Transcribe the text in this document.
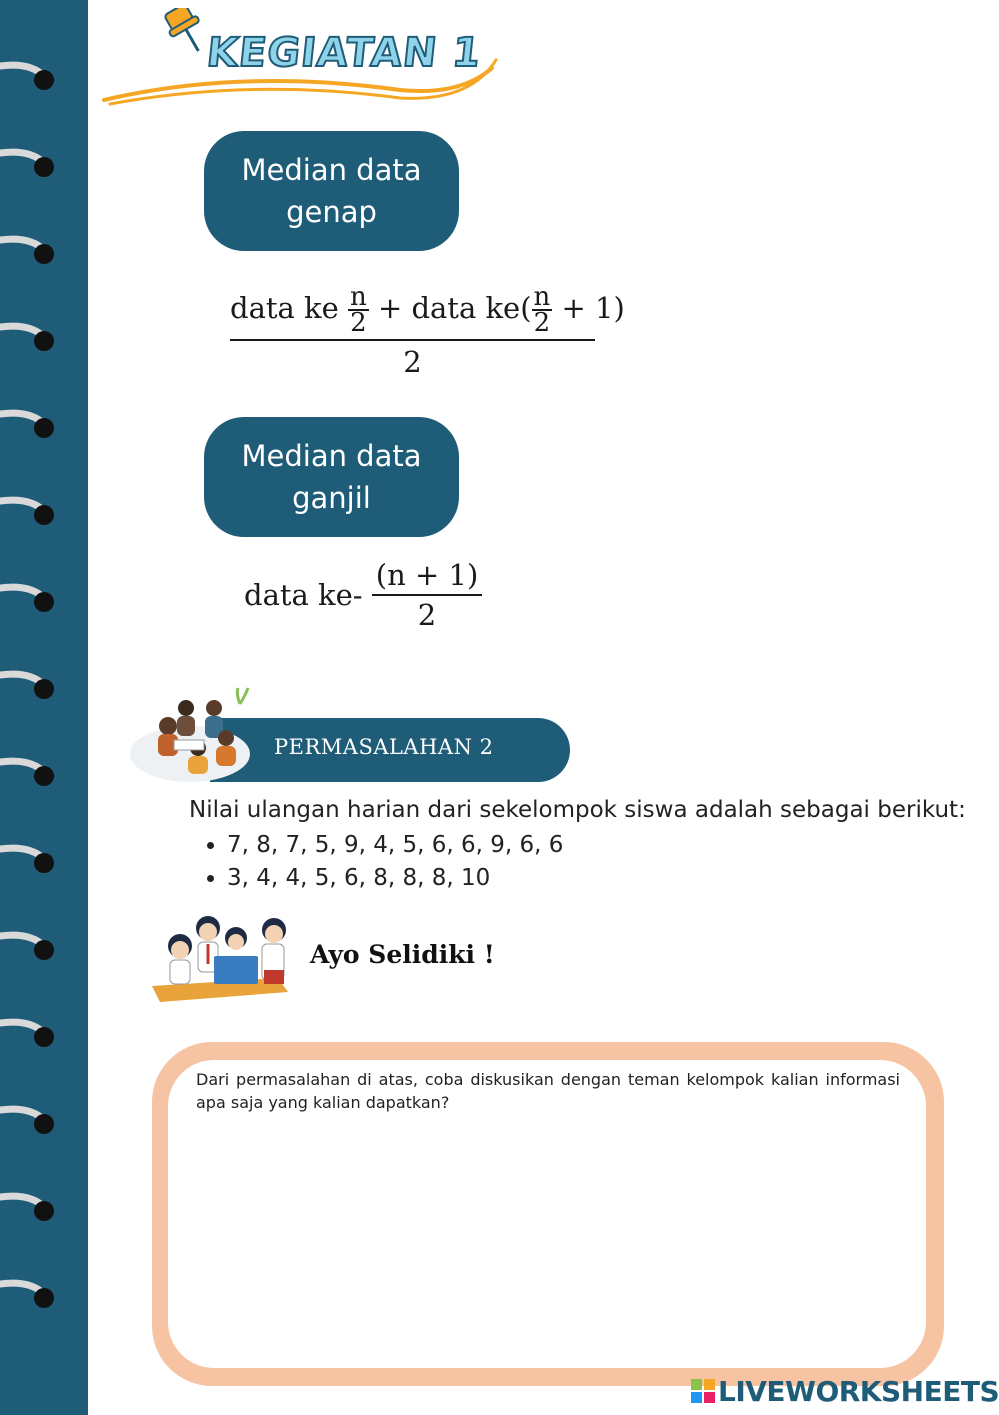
KEGIATAN 1
Median data genap
data ke $\frac{n}{2}$ + data $ke( \frac{n}{2} + 1)$
2
Median data ganjil
data $ke- \frac{(n + 1)}{2}$
PERMASALAHAN 2
Nilai ulangan harian dari sekelompok siswa adalah sebagai berikut:
• 7, 8, 7, 5, 9, 4, 5, 6, 6, 9, 6, 6
• 3, 4, 4, 5, 6, 8, 8, 8, 10
Ayo Selidiki !
Dari permasalahan di atas, coba diskusikan dengan teman kelompok kalian informasi apa saja yang kalian dapatkan?
LIVEWORKSHEETS
